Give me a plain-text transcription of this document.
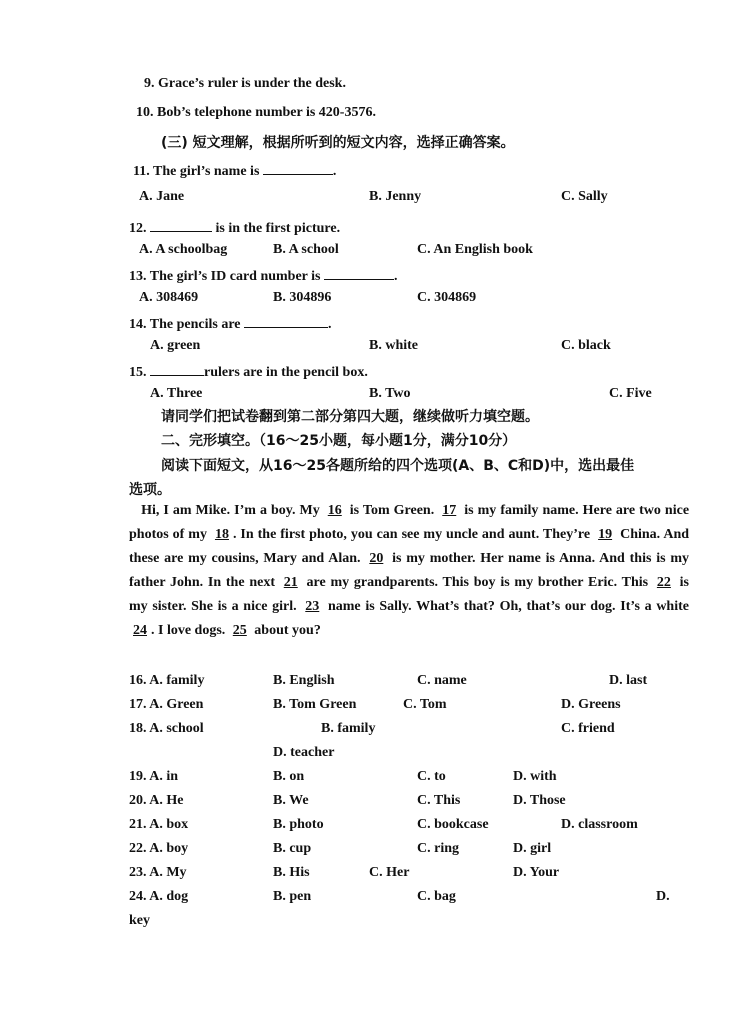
9. Grace’s ruler is under the desk.
10. Bob’s telephone number is 420-3576.
(三) 短文理解，根据所听到的短文内容，选择正确答案。
11. The girl’s name is	.
A. Jane	B. Jenny	C. Sally
12.	is in the first picture.
A. A schoolbag	B. A school	C. An English book
13. The girl’s ID card number is	.
A. 308469	B. 304896	C. 304869
14. The pencils are	.
A. green	B. white	C. black
15.	rulers are in the pencil box.
A. Three	B. Two	C. Five
请同学们把试卷翻到第二部分第四大题，继续做听力填空题。
二、完形填空。（16～25小题，每小题1分，满分10分）
阅读下面短文，从16～25各题所给的四个选项(A、B、C和D)中，选出最佳
选项。

Hi, I am Mike. I’m a boy. My 16 is Tom Green. 17 is my family name. Here are two nice photos of my 18 . In the first photo, you can see my uncle and aunt. They’re 19 China. And these are my cousins, Mary and Alan. 20 is my mother. Her name is Anna. And this is my father John. In the next 21 are my grandparents. This boy is my brother Eric. This 22 is my sister. She is a nice girl. 23 name is Sally. What’s that? Oh, that’s our dog. It’s a white 24 . I love dogs. 25 about you?

16. A. family	B. English	C. name	D. last
17. A. Green	B. Tom Green	C. Tom	D. Greens
18. A. school	B. family	C. friend
D. teacher
19. A. in	B. on	C. to	D. with
20. A. He	B. We	C. This	D. Those
21. A. box	B. photo	C. bookcase	D. classroom
22. A. boy	B. cup	C. ring	D. girl
23. A. My	B. His	C. Her	D. Your
24. A. dog	B. pen	C. bag	D.
key
